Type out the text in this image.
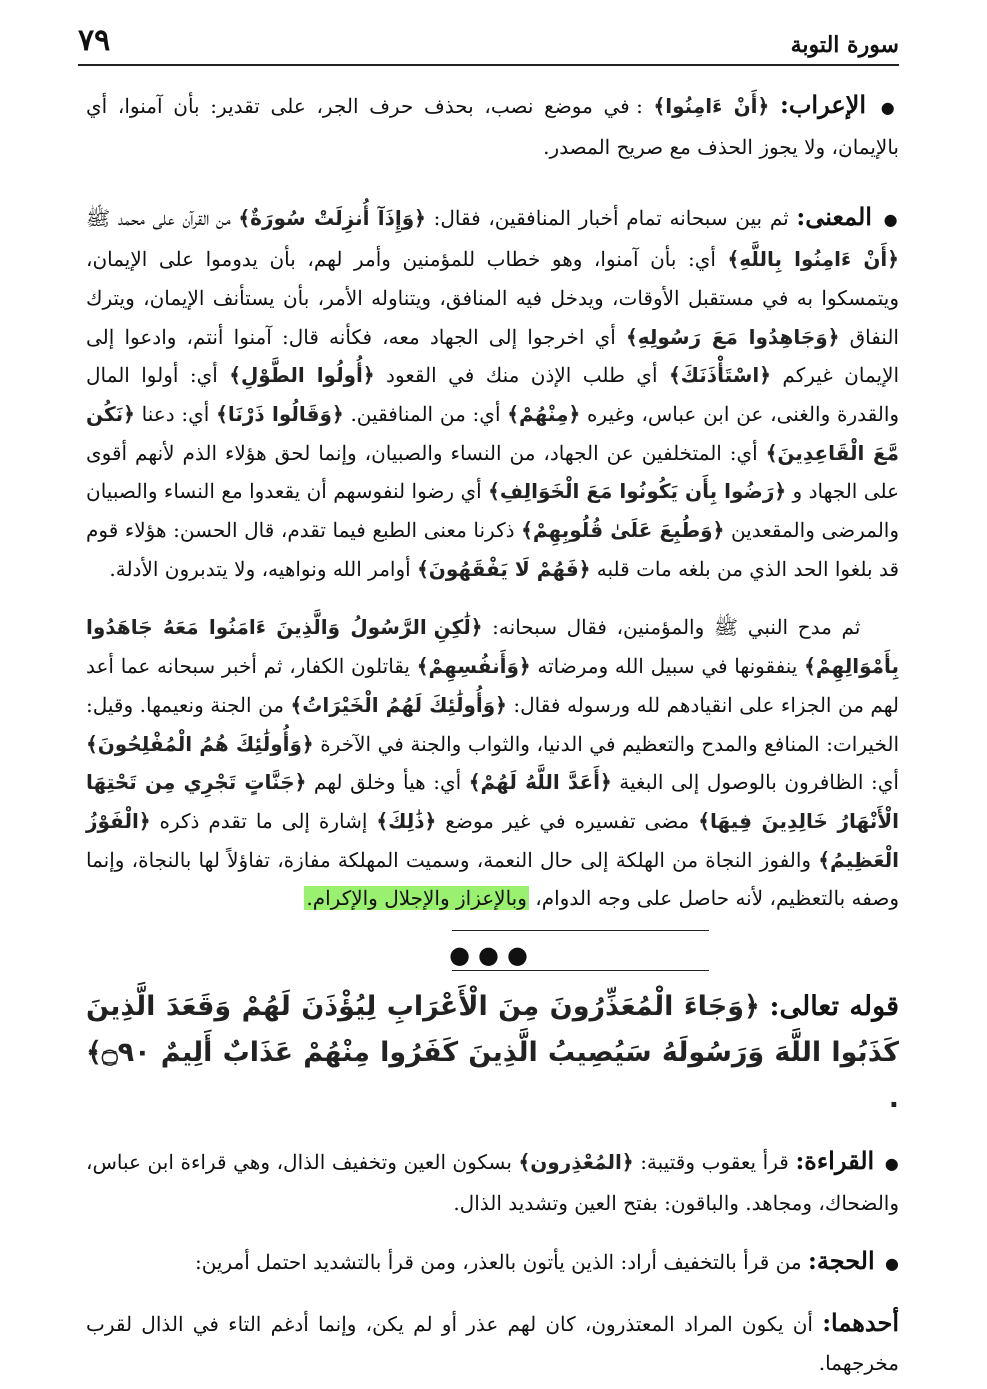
سورة التوبة
٧٩

● الإعراب: ﴿أَنْ ءَامِنُوا﴾ : في موضع نصب، بحذف حرف الجر، على تقدير: بأن آمنوا، أي بالإيمان، ولا يجوز الحذف مع صريح المصدر.

● المعنى: ثم بين سبحانه تمام أخبار المنافقين، فقال: ﴿وَإِذَآ أُنزِلَتْ سُورَةٌ﴾ من القرآن على محمد ﷺ ﴿أَنْ ءَامِنُوا بِاللَّهِ﴾ أي: بأن آمنوا، وهو خطاب للمؤمنين وأمر لهم، بأن يدوموا على الإيمان، ويتمسكوا به في مستقبل الأوقات، ويدخل فيه المنافق، ويتناوله الأمر، بأن يستأنف الإيمان، ويترك النفاق ﴿وَجَاهِدُوا مَعَ رَسُولِهِ﴾ أي اخرجوا إلى الجهاد معه، فكأنه قال: آمنوا أنتم، وادعوا إلى الإيمان غيركم ﴿اسْتَأْذَنَكَ﴾ أي طلب الإذن منك في القعود ﴿أُولُوا الطَّوْلِ﴾ أي: أولوا المال والقدرة والغنى، عن ابن عباس، وغيره ﴿مِنْهُمْ﴾ أي: من المنافقين. ﴿وَقَالُوا ذَرْنَا﴾ أي: دعنا ﴿نَكُن مَّعَ الْقَاعِدِينَ﴾ أي: المتخلفين عن الجهاد، من النساء والصبيان، وإنما لحق هؤلاء الذم لأنهم أقوى على الجهاد و ﴿رَضُوا بِأَن يَكُونُوا مَعَ الْخَوَالِفِ﴾ أي رضوا لنفوسهم أن يقعدوا مع النساء والصبيان والمرضى والمقعدين ﴿وَطُبِعَ عَلَىٰ قُلُوبِهِمْ﴾ ذكرنا معنى الطبع فيما تقدم، قال الحسن: هؤلاء قوم قد بلغوا الحد الذي من بلغه مات قلبه ﴿فَهُمْ لَا يَفْقَهُونَ﴾ أوامر الله ونواهيه، ولا يتدبرون الأدلة.

ثم مدح النبي ﷺ والمؤمنين، فقال سبحانه: ﴿لَٰكِنِ الرَّسُولُ وَالَّذِينَ ءَامَنُوا مَعَهُ جَاهَدُوا بِأَمْوَالِهِمْ﴾ ينفقونها في سبيل الله ومرضاته ﴿وَأَنفُسِهِمْ﴾ يقاتلون الكفار، ثم أخبر سبحانه عما أعد لهم من الجزاء على انقيادهم لله ورسوله فقال: ﴿وَأُولَٰئِكَ لَهُمُ الْخَيْرَاتُ﴾ من الجنة ونعيمها. وقيل: الخيرات: المنافع والمدح والتعظيم في الدنيا، والثواب والجنة في الآخرة ﴿وَأُولَٰئِكَ هُمُ الْمُفْلِحُونَ﴾ أي: الظافرون بالوصول إلى البغية ﴿أَعَدَّ اللَّهُ لَهُمْ﴾ أي: هيأ وخلق لهم ﴿جَنَّاتٍ تَجْرِي مِن تَحْتِهَا الْأَنْهَارُ خَالِدِينَ فِيهَا﴾ مضى تفسيره في غير موضع ﴿ذَٰلِكَ﴾ إشارة إلى ما تقدم ذكره ﴿الْفَوْزُ الْعَظِيمُ﴾ والفوز النجاة من الهلكة إلى حال النعمة، وسميت المهلكة مفازة، تفاؤلاً لها بالنجاة، وإنما وصفه بالتعظيم، لأنه حاصل على وجه الدوام، وبالإعزاز والإجلال والإكرام.

●●●

قوله تعالى: ﴿وَجَاءَ الْمُعَذِّرُونَ مِنَ الْأَعْرَابِ لِيُؤْذَنَ لَهُمْ وَقَعَدَ الَّذِينَ كَذَبُوا اللَّهَ وَرَسُولَهُ سَيُصِيبُ الَّذِينَ كَفَرُوا مِنْهُمْ عَذَابٌ أَلِيمٌ ۝٩٠﴾ .

● القراءة: قرأ يعقوب وقتيبة: ﴿المُعْذِرون﴾ بسكون العين وتخفيف الذال، وهي قراءة ابن عباس، والضحاك، ومجاهد. والباقون: بفتح العين وتشديد الذال.

● الحجة: من قرأ بالتخفيف أراد: الذين يأتون بالعذر، ومن قرأ بالتشديد احتمل أمرين:

أحدهما: أن يكون المراد المعتذرون، كان لهم عذر أو لم يكن، وإنما أدغم التاء في الذال لقرب مخرجهما.
